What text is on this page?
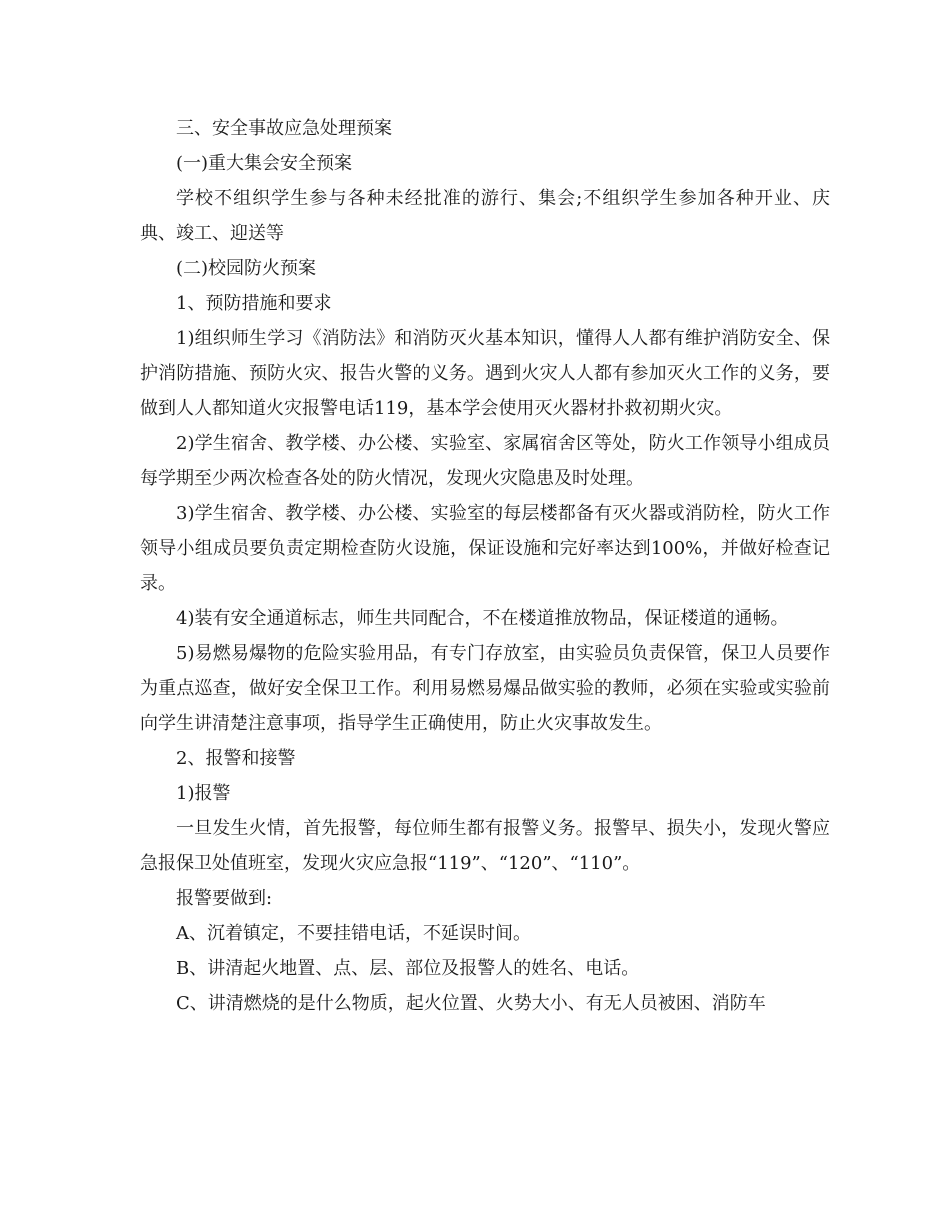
三、安全事故应急处理预案

(一)重大集会安全预案

学校不组织学生参与各种未经批准的游行、集会;不组织学生参加各种开业、庆典、竣工、迎送等

(二)校园防火预案

1、预防措施和要求

1)组织师生学习《消防法》和消防灭火基本知识，懂得人人都有维护消防安全、保护消防措施、预防火灾、报告火警的义务。遇到火灾人人都有参加灭火工作的义务，要做到人人都知道火灾报警电话119，基本学会使用灭火器材扑救初期火灾。

2)学生宿舍、教学楼、办公楼、实验室、家属宿舍区等处，防火工作领导小组成员每学期至少两次检查各处的防火情况，发现火灾隐患及时处理。

3)学生宿舍、教学楼、办公楼、实验室的每层楼都备有灭火器或消防栓，防火工作领导小组成员要负责定期检查防火设施，保证设施和完好率达到100%，并做好检查记录。

4)装有安全通道标志，师生共同配合，不在楼道推放物品，保证楼道的通畅。

5)易燃易爆物的危险实验用品，有专门存放室，由实验员负责保管，保卫人员要作为重点巡查，做好安全保卫工作。利用易燃易爆品做实验的教师，必须在实验或实验前向学生讲清楚注意事项，指导学生正确使用，防止火灾事故发生。

2、报警和接警

1)报警

一旦发生火情，首先报警，每位师生都有报警义务。报警早、损失小，发现火警应急报保卫处值班室，发现火灾应急报“119”、“120”、“110”。

报警要做到:

A、沉着镇定，不要挂错电话，不延误时间。

B、讲清起火地置、点、层、部位及报警人的姓名、电话。

C、讲清燃烧的是什么物质，起火位置、火势大小、有无人员被困、消防车
